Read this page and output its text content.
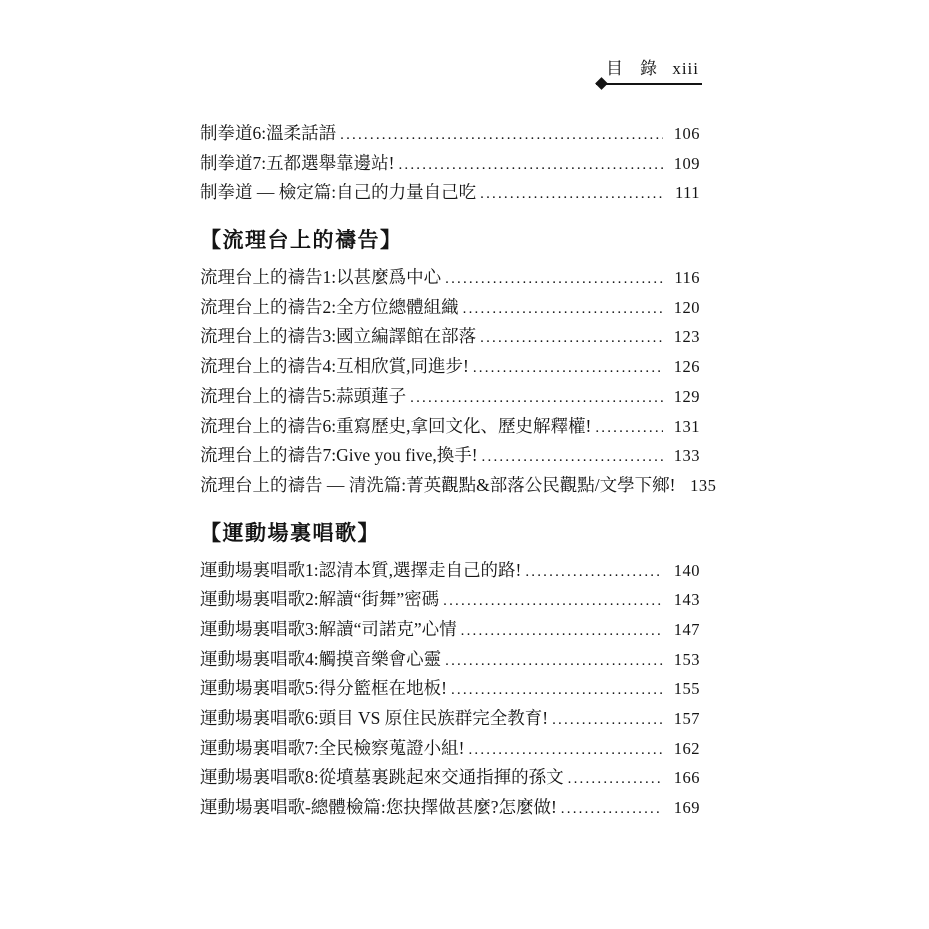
目　錄 xiii
制拳道6:溫柔話語 .....	106
制拳道7:五都選舉靠邊站! .....	109
制拳道 — 檢定篇:自己的力量自己吃 .....	111
【流理台上的禱告】
流理台上的禱告1:以甚麼爲中心 .....	116
流理台上的禱告2:全方位總體組織 .....	120
流理台上的禱告3:國立編譯館在部落 .....	123
流理台上的禱告4:互相欣賞,同進步! .....	126
流理台上的禱告5:蒜頭蓮子 .....	129
流理台上的禱告6:重寫歷史,拿回文化、歷史解釋權! .....	131
流理台上的禱告7:Give you five,換手! .....	133
流理台上的禱告 — 清洗篇:菁英觀點&部落公民觀點/文學下鄉! 135
【運動場裏唱歌】
運動場裏唱歌1:認清本質,選擇走自己的路! .....	140
運動場裏唱歌2:解讀“街舞”密碼 .....	143
運動場裏唱歌3:解讀“司諾克”心情 .....	147
運動場裏唱歌4:觸摸音樂會心靈 .....	153
運動場裏唱歌5:得分籃框在地板! .....	155
運動場裏唱歌6:頭目 VS 原住民族群完全教育! .....	157
運動場裏唱歌7:全民檢察蒐證小組! .....	162
運動場裏唱歌8:從墳墓裏跳起來交通指揮的孫文 .....	166
運動場裏唱歌-總體檢篇:您抉擇做甚麼?怎麼做! .....	169
